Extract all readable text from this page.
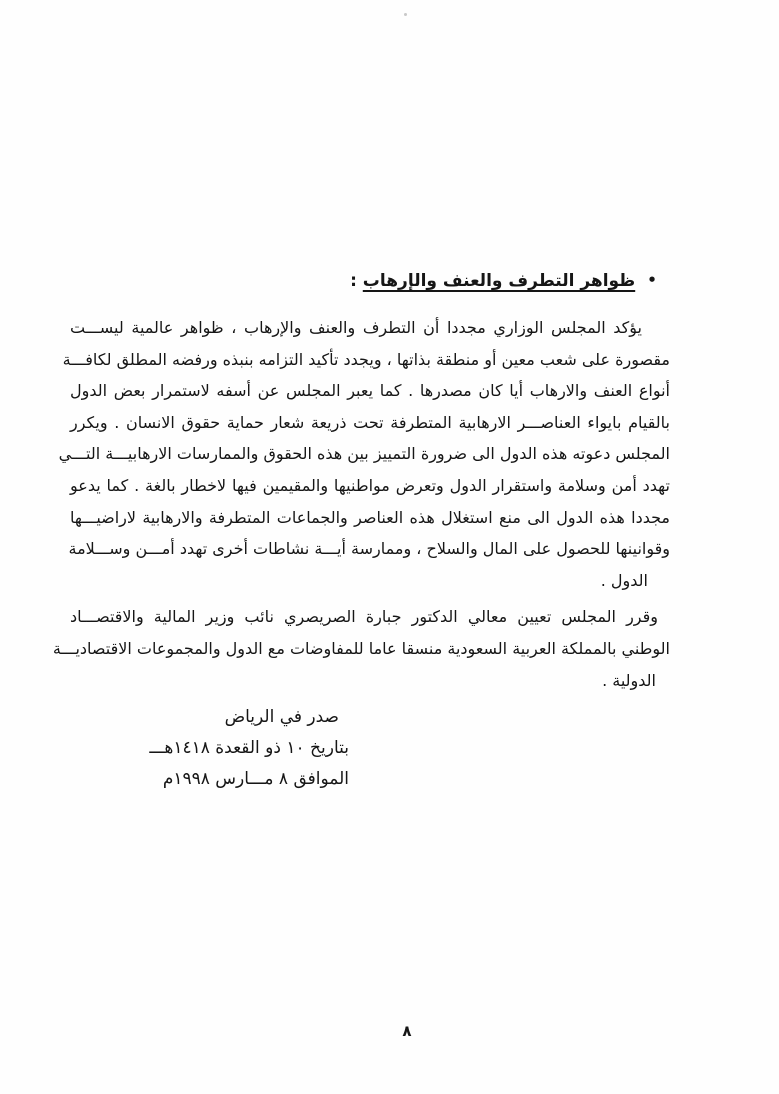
•ظواهر التطرف والعنف والإرهاب :
يؤكد المجلس الوزاري مجددا أن التطرف والعنف والإرهاب ، ظواهر عالمية ليســـت
مقصورة على شعب معين أو منطقة بذاتها ، ويجدد تأكيد التزامه بنبذه ورفضه المطلق لكافـــة
أنواع العنف والارهاب أيا كان مصدرها . كما يعبر المجلس عن أسفه لاستمرار بعض الدول
بالقيام بايواء العناصـــر الارهابية المتطرفة تحت ذريعة شعار حماية حقوق الانسان . ويكرر
المجلس دعوته هذه الدول الى ضرورة التمييز بين هذه الحقوق والممارسات الارهابيـــة التـــي
تهدد أمن وسلامة واستقرار الدول وتعرض مواطنيها والمقيمين فيها لاخطار بالغة . كما يدعو
مجددا هذه الدول الى منع استغلال هذه العناصر والجماعات المتطرفة والارهابية لاراضيـــها
وقوانينها للحصول على المال والسلاح ، وممارسة أيـــة نشاطات أخرى تهدد أمـــن وســـلامة
الدول .
وقرر المجلس تعيين معالي الدكتور جبارة الصريصري نائب وزير المالية والاقتصـــاد
الوطني بالمملكة العربية السعودية منسقا عاما للمفاوضات مع الدول والمجموعات الاقتصاديـــة
الدولية .
صدر في الرياض
بتاريخ ١٠ ذو القعدة ١٤١٨هـــ
الموافق ٨ مـــارس ١٩٩٨م
٨
